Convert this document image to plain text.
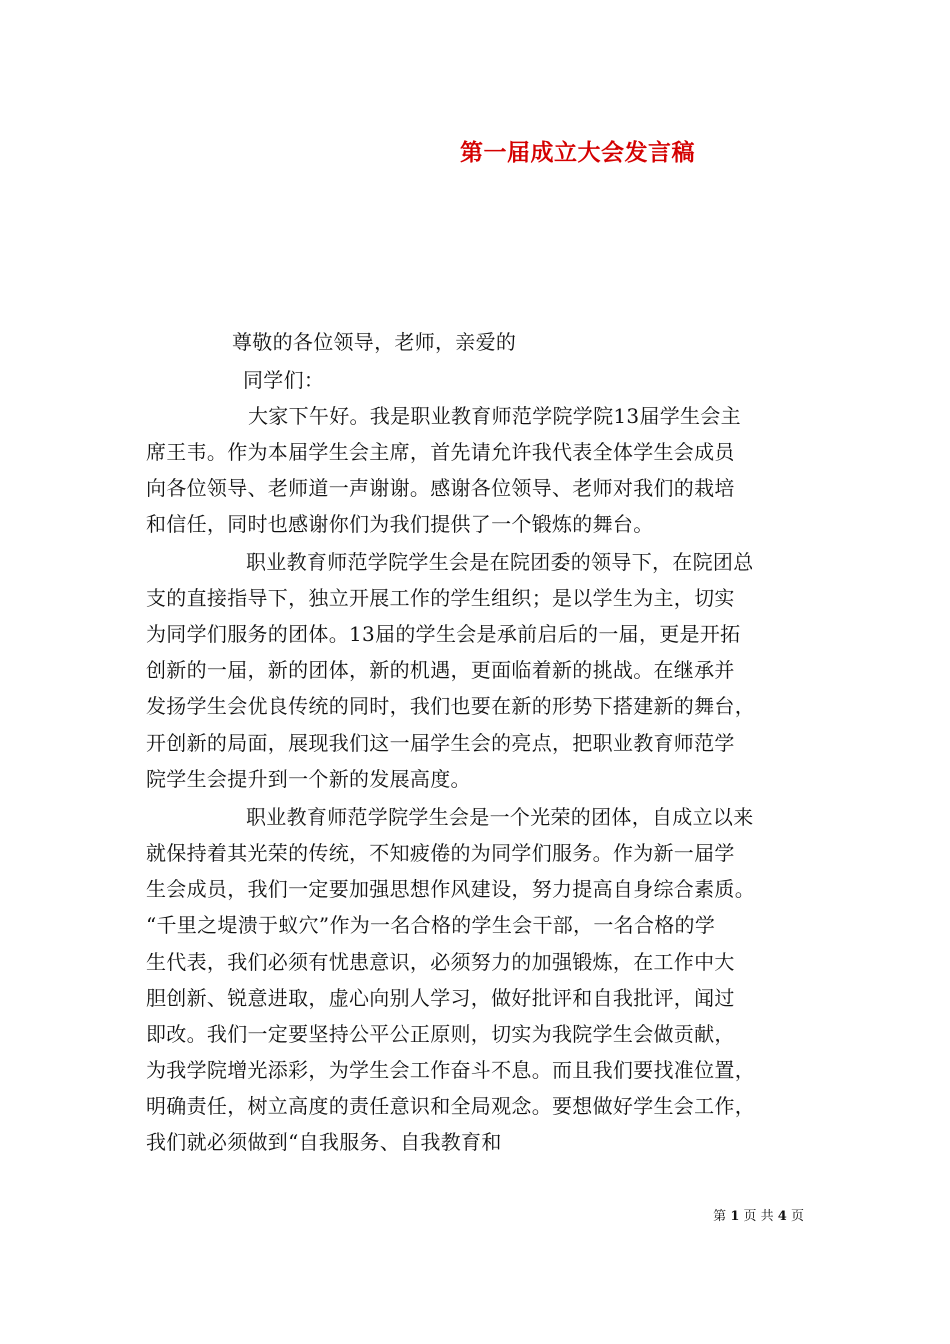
第一届成立大会发言稿
尊敬的各位领导，老师，亲爱的
同学们：
大家下午好。我是职业教育师范学院学院13届学生会主
席王韦。作为本届学生会主席，首先请允许我代表全体学生会成员
向各位领导、老师道一声谢谢。感谢各位领导、老师对我们的栽培
和信任，同时也感谢你们为我们提供了一个锻炼的舞台。
职业教育师范学院学生会是在院团委的领导下，在院团总
支的直接指导下，独立开展工作的学生组织；是以学生为主，切实
为同学们服务的团体。13届的学生会是承前启后的一届，更是开拓
创新的一届，新的团体，新的机遇，更面临着新的挑战。在继承并
发扬学生会优良传统的同时，我们也要在新的形势下搭建新的舞台，
开创新的局面，展现我们这一届学生会的亮点，把职业教育师范学
院学生会提升到一个新的发展高度。
职业教育师范学院学生会是一个光荣的团体，自成立以来
就保持着其光荣的传统，不知疲倦的为同学们服务。作为新一届学
生会成员，我们一定要加强思想作风建设，努力提高自身综合素质。
“千里之堤溃于蚁穴”作为一名合格的学生会干部，一名合格的学
生代表，我们必须有忧患意识，必须努力的加强锻炼，在工作中大
胆创新、锐意进取，虚心向别人学习，做好批评和自我批评，闻过
即改。我们一定要坚持公平公正原则，切实为我院学生会做贡献，
为我学院增光添彩，为学生会工作奋斗不息。而且我们要找准位置，
明确责任，树立高度的责任意识和全局观念。要想做好学生会工作，
我们就必须做到“自我服务、自我教育和
第 1 页 共 4 页
